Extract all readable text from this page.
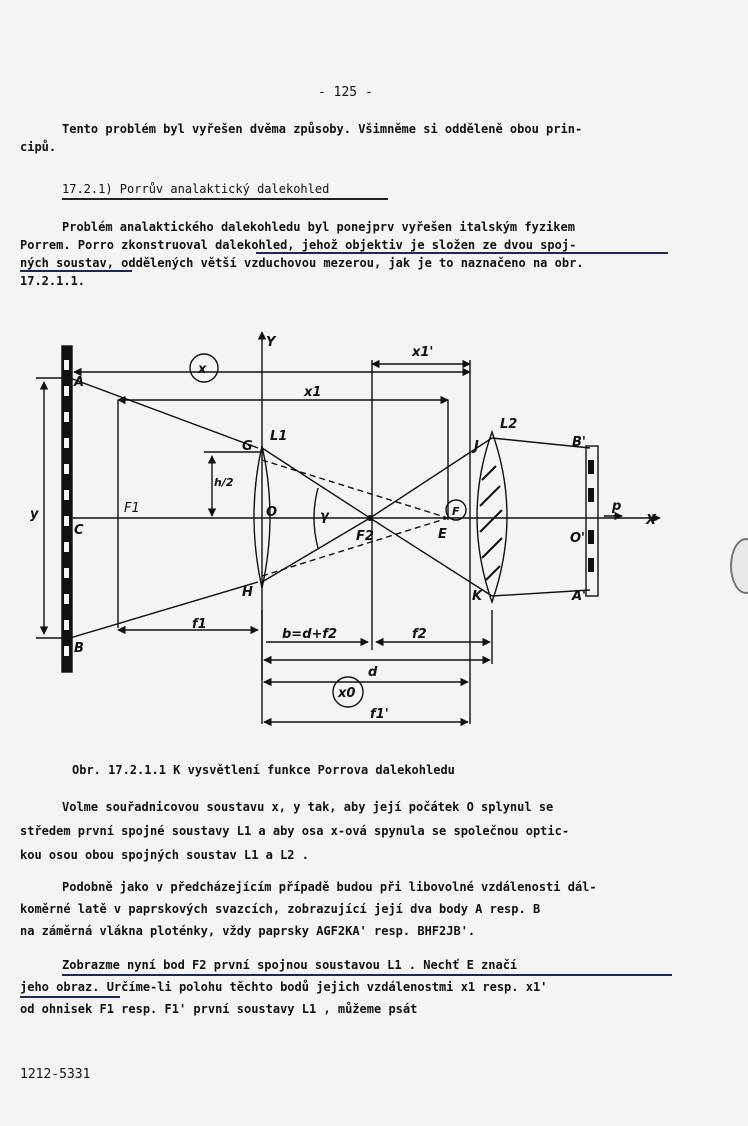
- 125 -
Tento problém byl vyřešen dvěma způsoby. Všimněme si odděleně obou prin-
cipů.
17.2.1) Porrův analaktický dalekohled
Problém analaktického dalekohledu byl ponejprv vyřešen italským fyzikem
Porrem. Porro zkonstruoval dalekohled, jehož objektiv je složen ze dvou spoj-
ných soustav, oddělených větší vzduchovou mezerou, jak je to naznačeno na obr.
17.2.1.1.
Y
X
x
x1'
x1
A
B
C
y	F1
G
H
L1
O
h/2
γ
F2	E
F
J
K
L2
B'
O'
A'
p
f1
b=d+f2	f2
d
x0
f1'
Obr. 17.2.1.1 K vysvětlení funkce Porrova dalekohledu
Volme souřadnicovou soustavu x, y tak, aby její počátek O splynul se
středem první spojné soustavy L1 a aby osa x-ová spynula se společnou optic-
kou osou obou spojných soustav L1 a L2 .
Podobně jako v předcházejícím případě budou při libovolné vzdálenosti dál-
koměrné latě v paprskových svazcích, zobrazující její dva body A resp. B
na záměrná vlákna ploténky, vždy paprsky AGF2KA' resp. BHF2JB'.
Zobrazme nyní bod F2 první spojnou soustavou L1 . Nechť E značí
jeho obraz. Určíme-li polohu těchto bodů jejich vzdálenostmi x1 resp. x1'
od ohnisek F1 resp. F1' první soustavy L1 , můžeme psát
1212-5331
